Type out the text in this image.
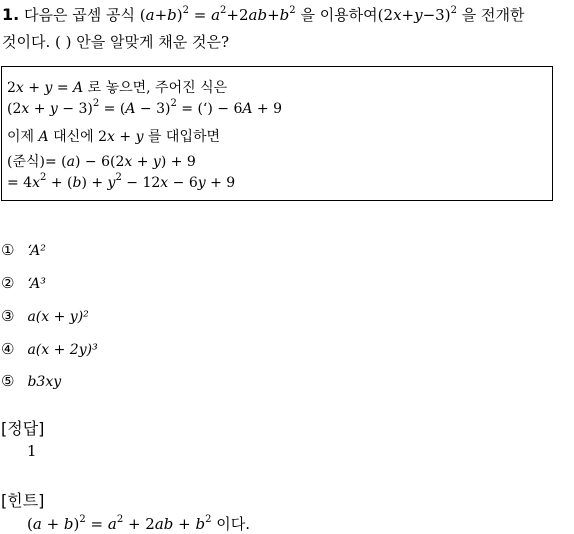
1. 다음은 곱셈 공식 $(a+b)^2 = a^2+2ab+b^2$ 을 이용하여$(2x+y-3)^2$ 을 전개한
것이다. ( ) 안을 알맞게 채운 것은?
2x + y = A 로 놓으면, 주어진 식은
$(2x + y - 3)^2 = (A - 3)^2$ = (‘) − 6A + 9
이제 A 대신에 2x + y 를 대입하면
(준식)= (a) − 6(2x + y) + 9
= $4x^2 + (b) + y^2 - 12x - 6y + 9$
① ‘A²
② ‘A³
③ a(x + y)²
④ a(x + 2y)³
⑤ b3xy
[정답]
1
[힌트]
$(a + b)^2 = a^2 + 2ab + b^2$ 이다.
